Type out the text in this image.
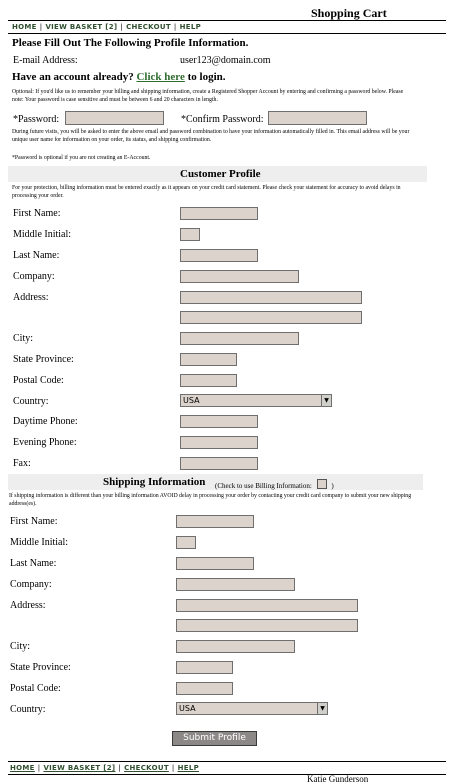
Shopping Cart
HOME | VIEW BASKET [2] | CHECKOUT | HELP
Please Fill Out The Following Profile Information.
E-mail Address:	user123@domain.com
Have an account already? Click here to login.
Optional: If you'd like us to remember your billing and shipping information, create a Registered Shopper Account by entering and confirming a password below. Please note: Your password is case sensitive and must be between 6 and 20 characters in length.
*Password:	*Confirm Password:
During future visits, you will be asked to enter the above email and password combination to have your information automatically filled in. This email address will be your unique user name for information on your order, its status, and shipping confirmation.
*Password is optional if you are not creating an E-Account.
Customer Profile
For your protection, billing information must be entered exactly as it appears on your credit card statement. Please check your statement for accuracy to avoid delays in processing your order.
First Name:
Middle Initial:
Last Name:
Company:
Address:
City:
State Province:
Postal Code:
Country:	USA	▼
Daytime Phone:
Evening Phone:
Fax:
Shipping Information (Check to use Billing Information:	)
If shipping information is different than your billing information AVOID delay in processing your order by contacting your credit card company to submit your new shipping address(es).
First Name:
Middle Initial:
Last Name:
Company:
Address:
City:
State Province:
Postal Code:
Country:	USA	▼
Submit Profile
HOME | VIEW BASKET [2] | CHECKOUT | HELP
Katie Gunderson
